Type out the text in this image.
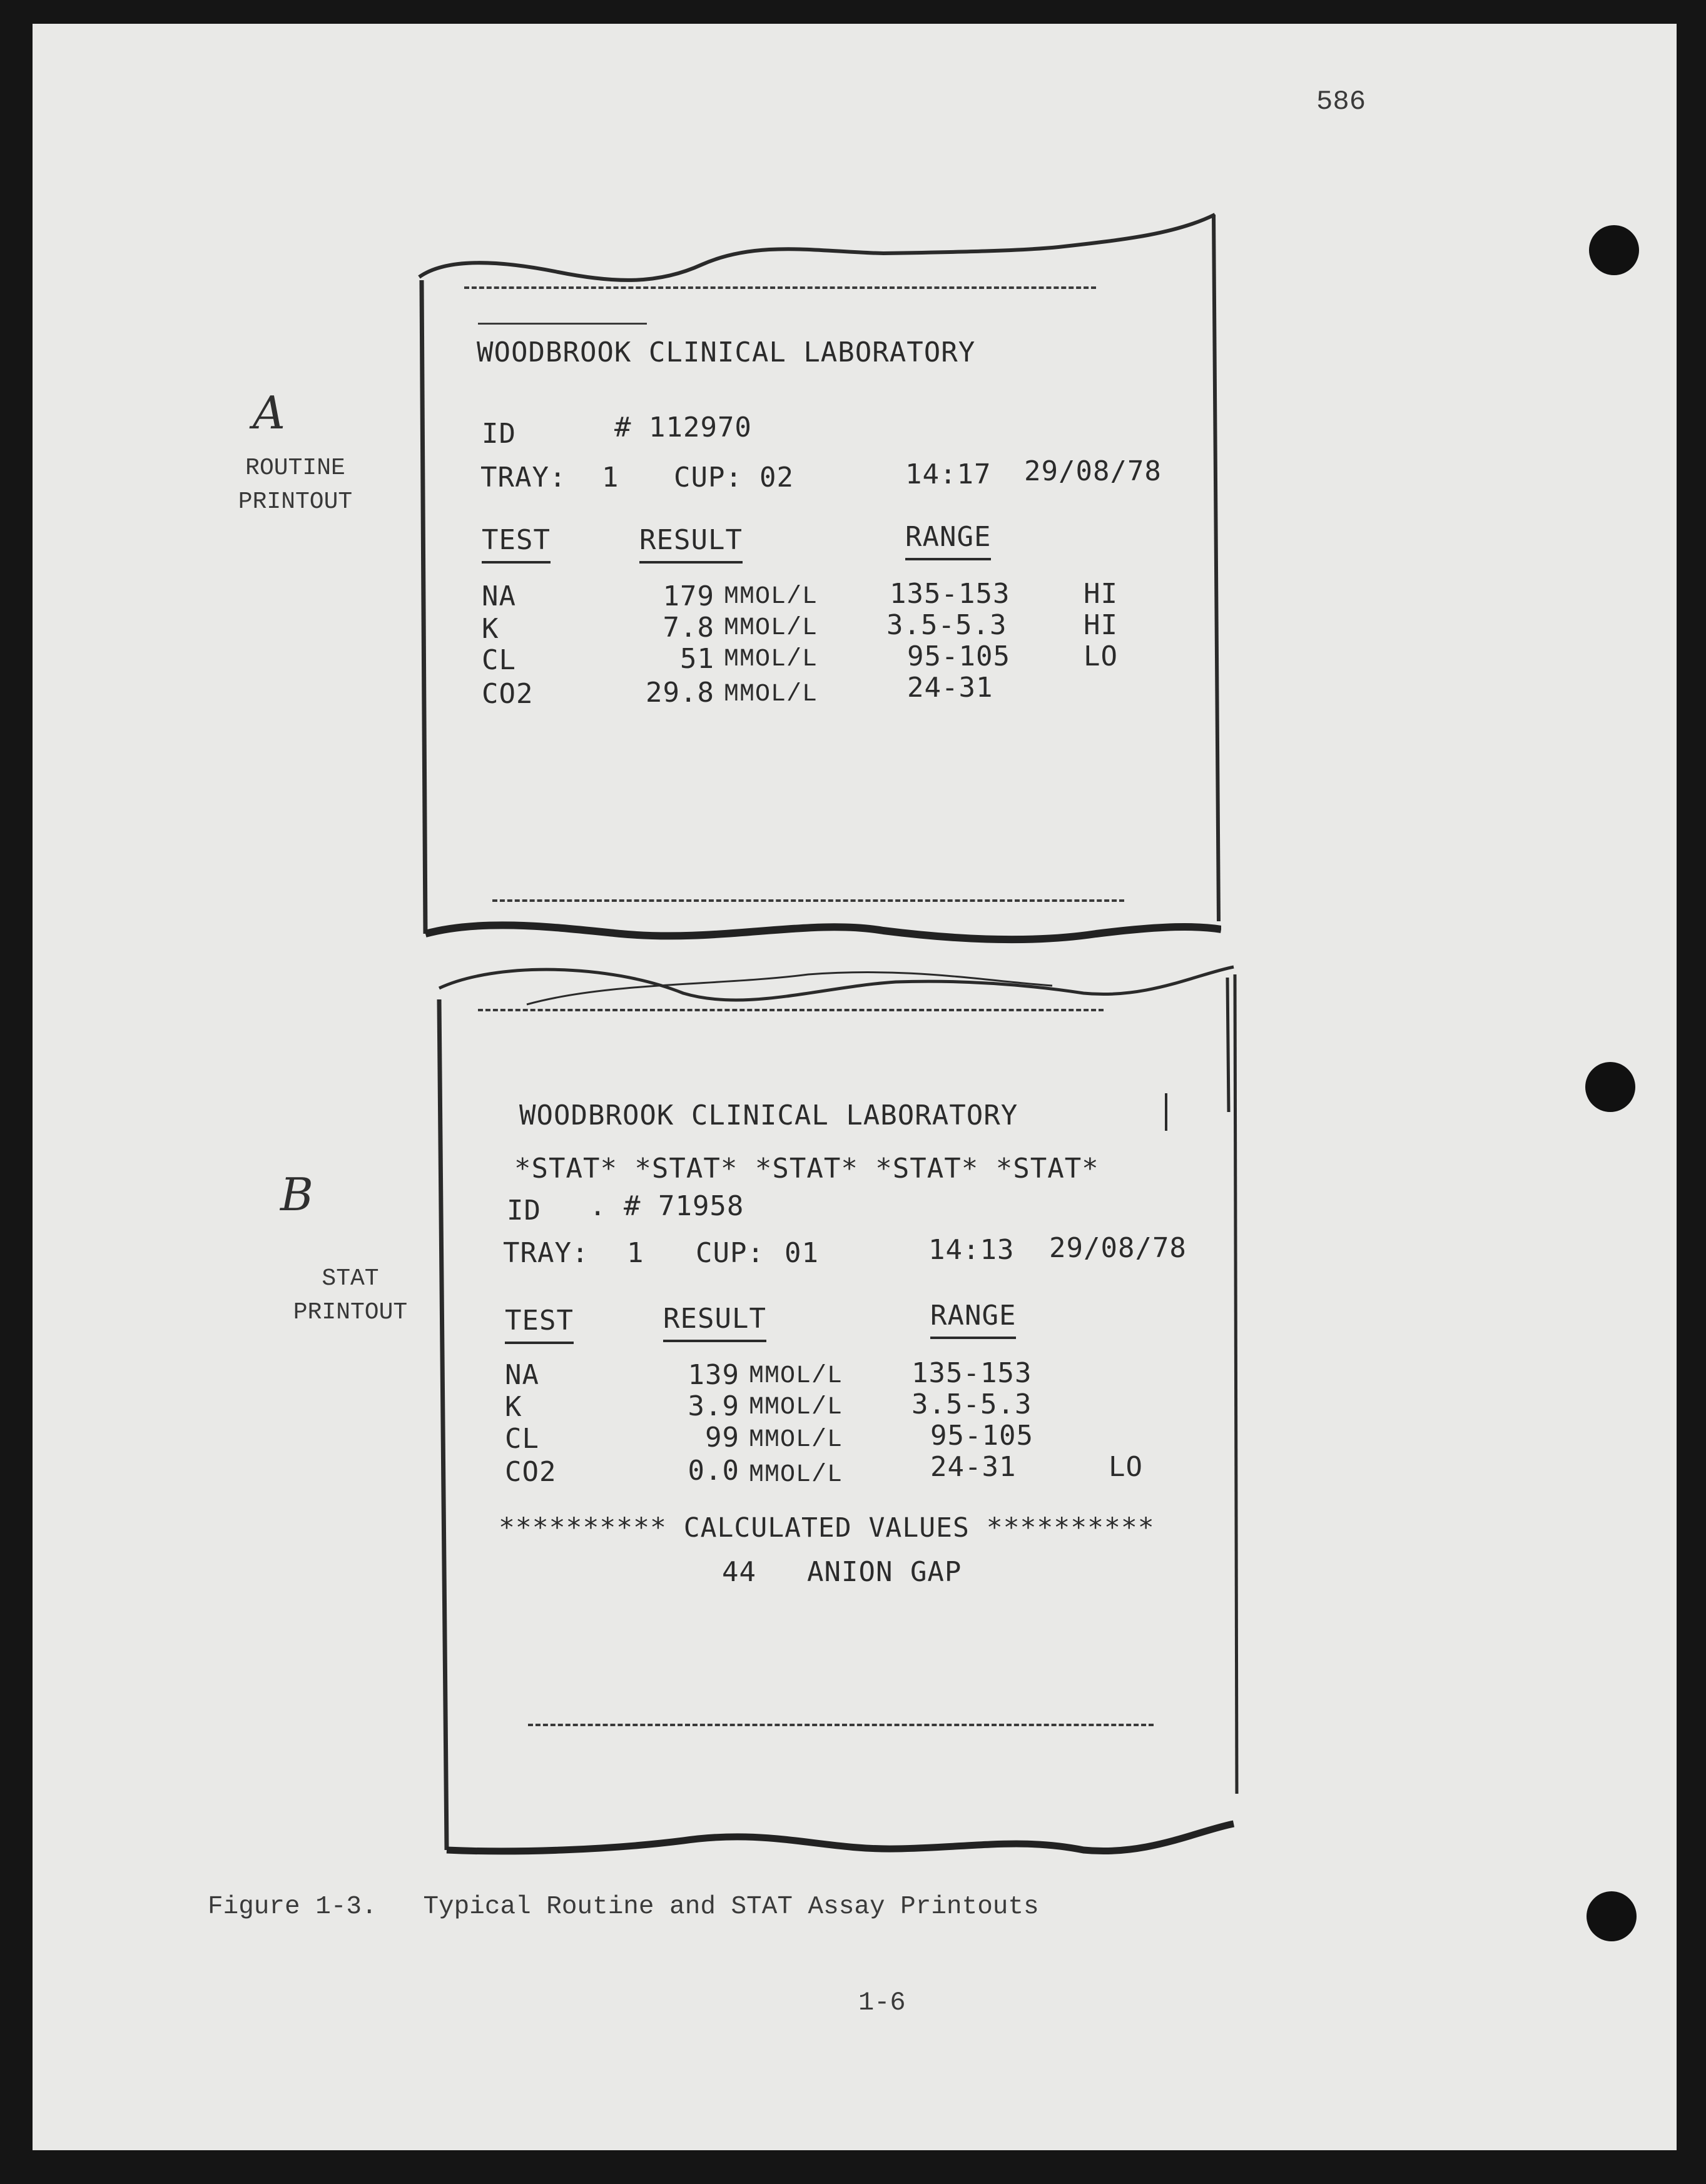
586
A
ROUTINE
PRINTOUT
B
STAT
PRINTOUT
WOODBROOK CLINICAL LABORATORY
ID	# 112970
TRAY: 1 CUP: 02	14:17 29/08/78
TEST	RESULT	RANGE
NA	179 MMOL/L	135-153	HI
K	7.8 MMOL/L 3.5-5.3	HI
CL	51 MMOL/L	95-105	LO
CO2	29.8 MMOL/L	24-31
WOODBROOK CLINICAL LABORATORY
*STAT* *STAT* *STAT* *STAT* *STAT*
ID . # 71958
TRAY: 1 CUP: 01	14:13 29/08/78
TEST	RESULT	RANGE
NA	139 MMOL/L 135-153
K	3.9 MMOL/L 3.5-5.3
CL	99 MMOL/L	95-105
CO2	0.0 MMOL/L	24-31	LO
********** CALCULATED VALUES **********
44 ANION GAP
Figure 1-3.   Typical Routine and STAT Assay Printouts
1-6
